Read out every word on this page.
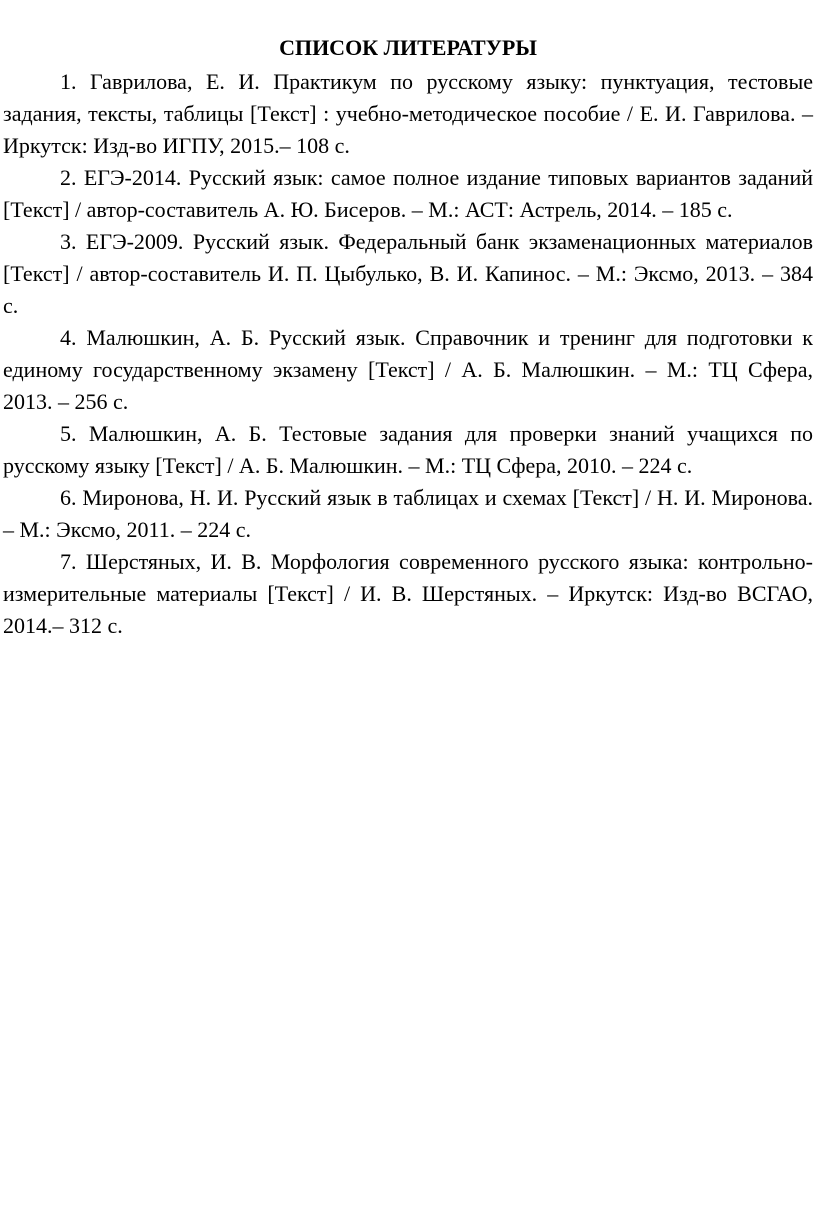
СПИСОК ЛИТЕРАТУРЫ

1. Гаврилова, Е. И. Практикум по русскому языку: пунктуация, тестовые задания, тексты, таблицы [Текст] : учебно-методическое пособие / Е. И. Гаврилова. – Иркутск: Изд-во ИГПУ, 2015.– 108 с.

2. ЕГЭ-2014. Русский язык: самое полное издание типовых вариантов заданий [Текст] / автор-составитель А. Ю. Бисеров. – М.: АСТ: Астрель, 2014. – 185 с.

3. ЕГЭ-2009. Русский язык. Федеральный банк экзаменационных материалов [Текст] / автор-составитель И. П. Цыбулько, В. И. Капинос. – М.: Эксмо, 2013. – 384 с.

4. Малюшкин, А. Б. Русский язык. Справочник и тренинг для подготовки к единому государственному экзамену [Текст] / А. Б. Малюшкин. – М.: ТЦ Сфера, 2013. – 256 с.

5. Малюшкин, А. Б. Тестовые задания для проверки знаний учащихся по русскому языку [Текст] / А. Б. Малюшкин. – М.: ТЦ Сфера, 2010. – 224 с.

6. Миронова, Н. И. Русский язык в таблицах и схемах [Текст] / Н. И. Миронова. – М.: Эксмо, 2011. – 224 с.

7. Шерстяных, И. В. Морфология современного русского языка: контрольно-измерительные материалы [Текст] / И. В. Шерстяных. – Иркутск: Изд-во ВСГАО, 2014.– 312 с.
